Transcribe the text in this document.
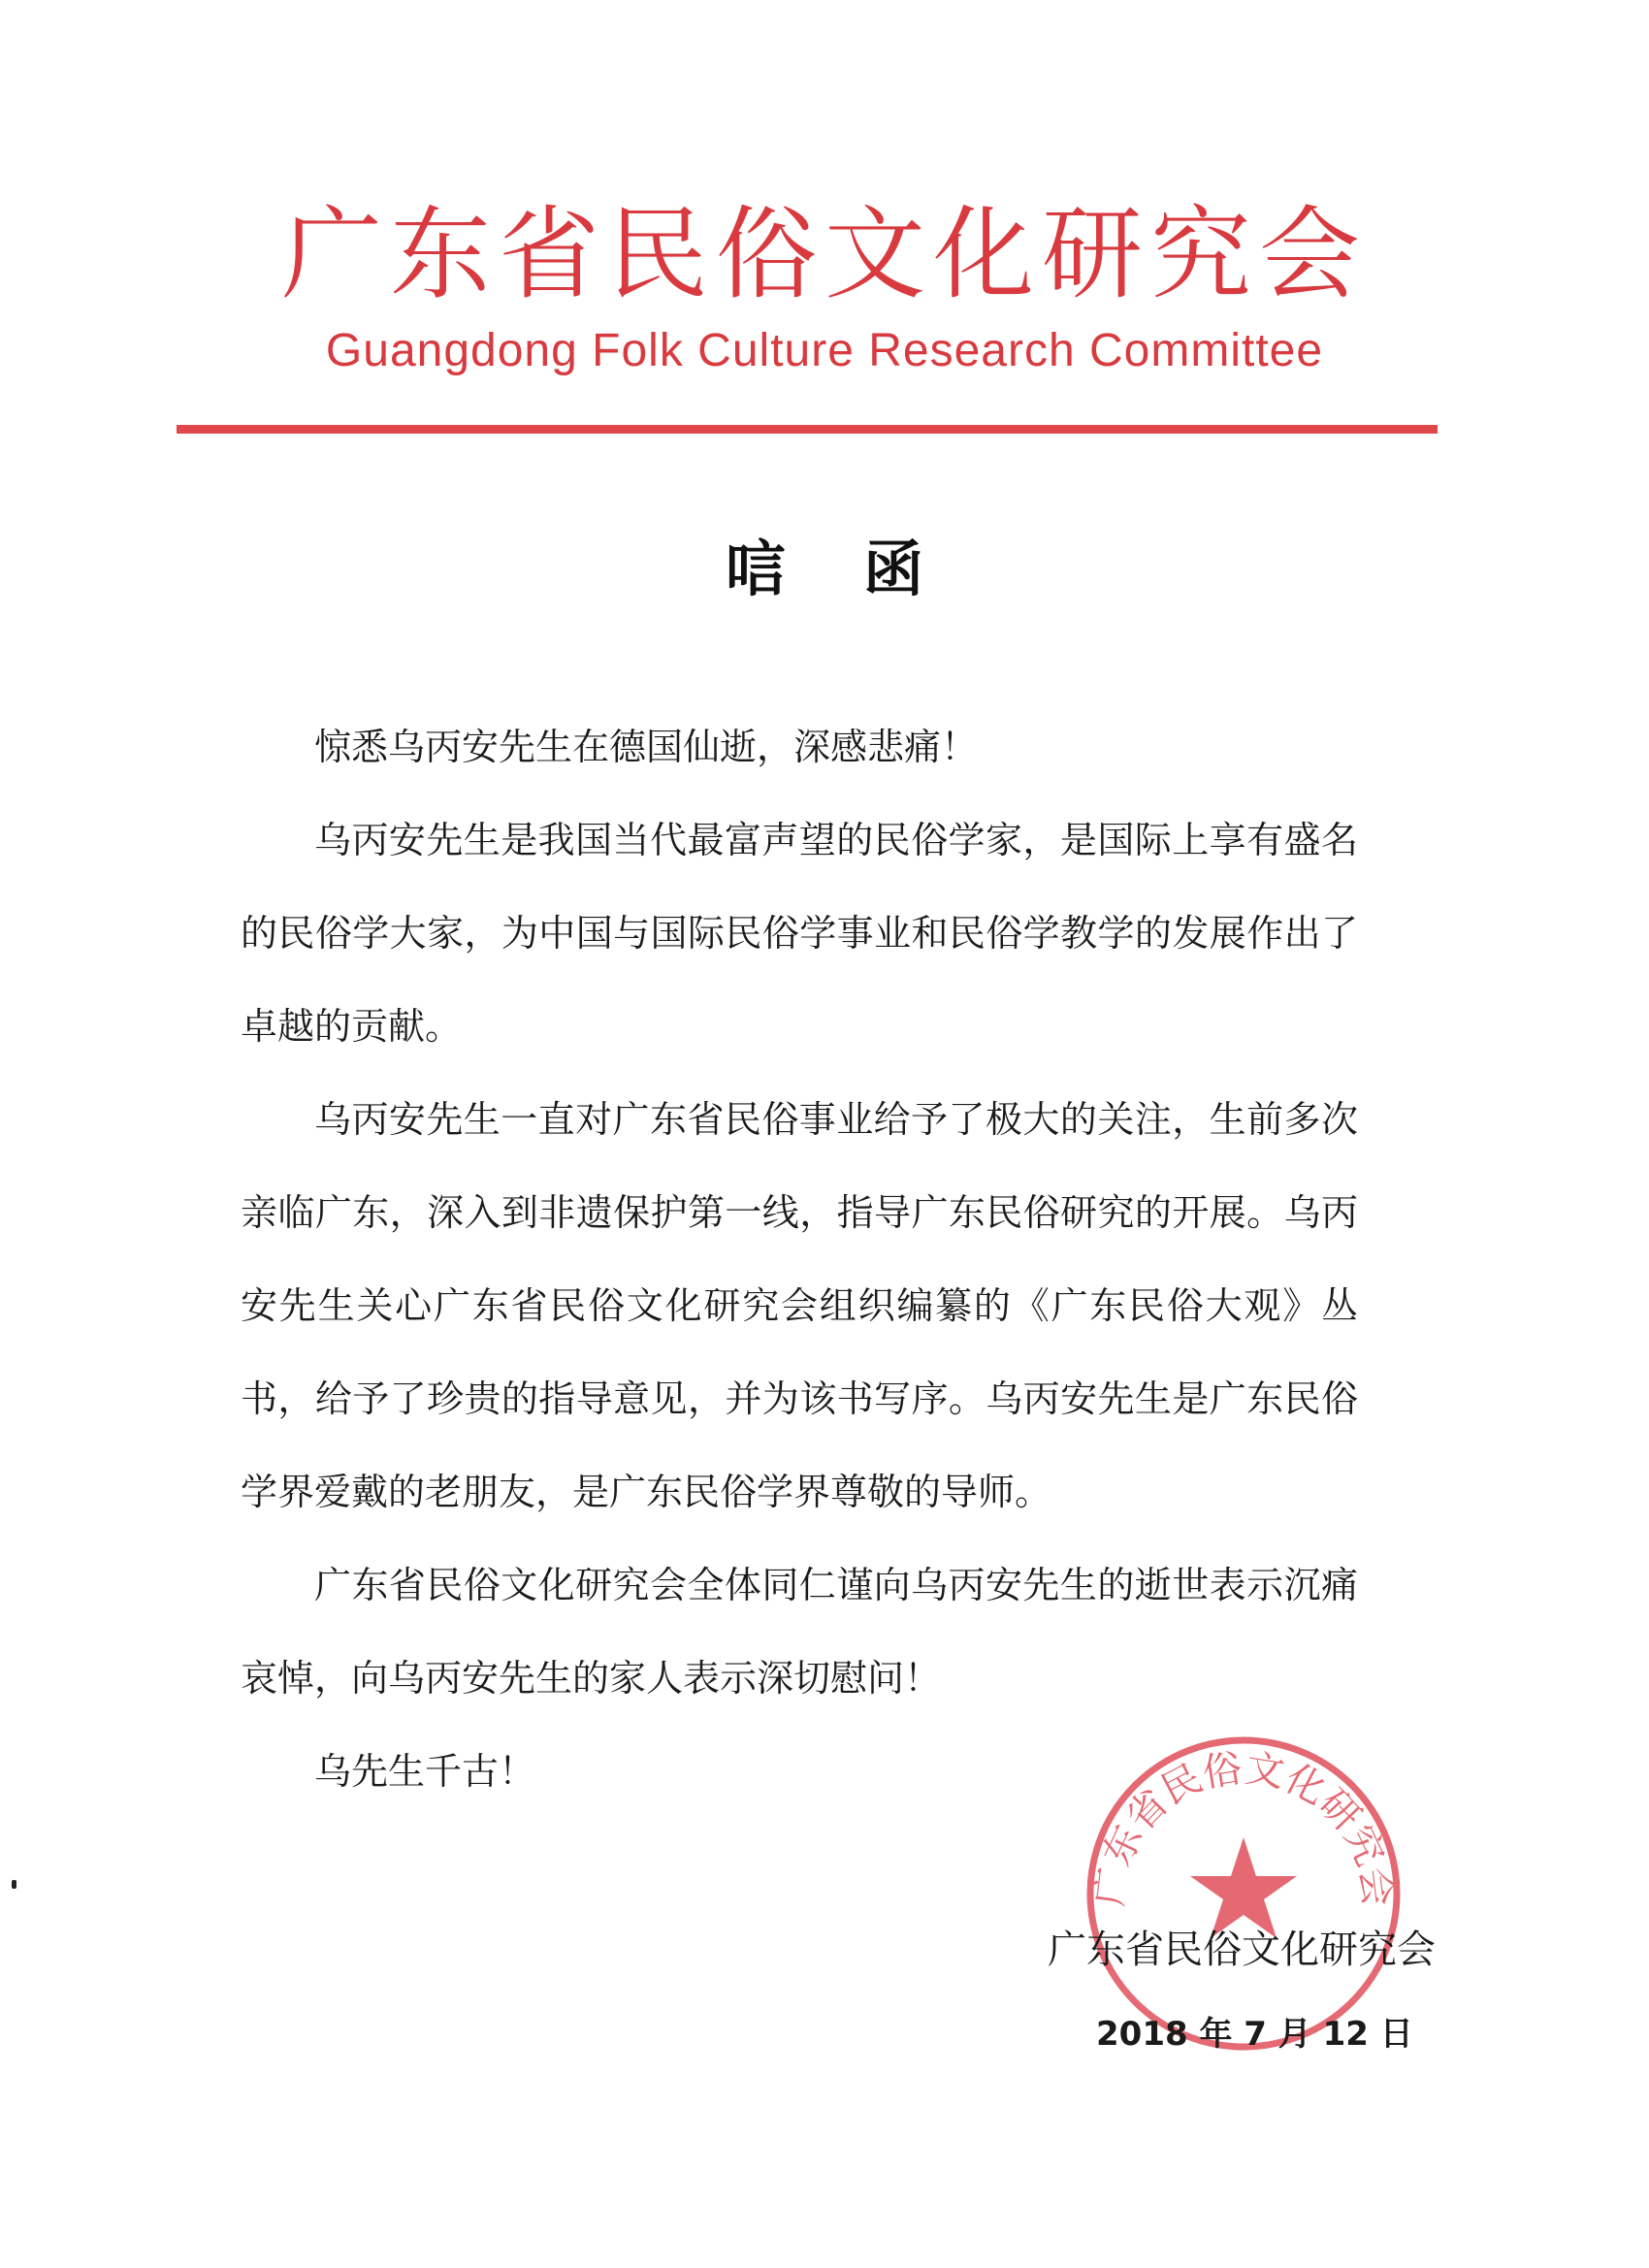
广东省民俗文化研究会
Guangdong Folk Culture Research Committee
唁函

惊悉乌丙安先生在德国仙逝，深感悲痛！

乌丙安先生是我国当代最富声望的民俗学家，是国际上享有盛名的民俗学大家，为中国与国际民俗学事业和民俗学教学的发展作出了卓越的贡献。

乌丙安先生一直对广东省民俗事业给予了极大的关注，生前多次亲临广东，深入到非遗保护第一线，指导广东民俗研究的开展。乌丙安先生关心广东省民俗文化研究会组织编纂的《广东民俗大观》丛书，给予了珍贵的指导意见，并为该书写序。乌丙安先生是广东民俗学界爱戴的老朋友，是广东民俗学界尊敬的导师。

广东省民俗文化研究会全体同仁谨向乌丙安先生的逝世表示沉痛哀悼，向乌丙安先生的家人表示深切慰问！

乌先生千古！

广东省民俗文化研究会
广东省民俗文化研究会
2018 年 7 月 12 日
